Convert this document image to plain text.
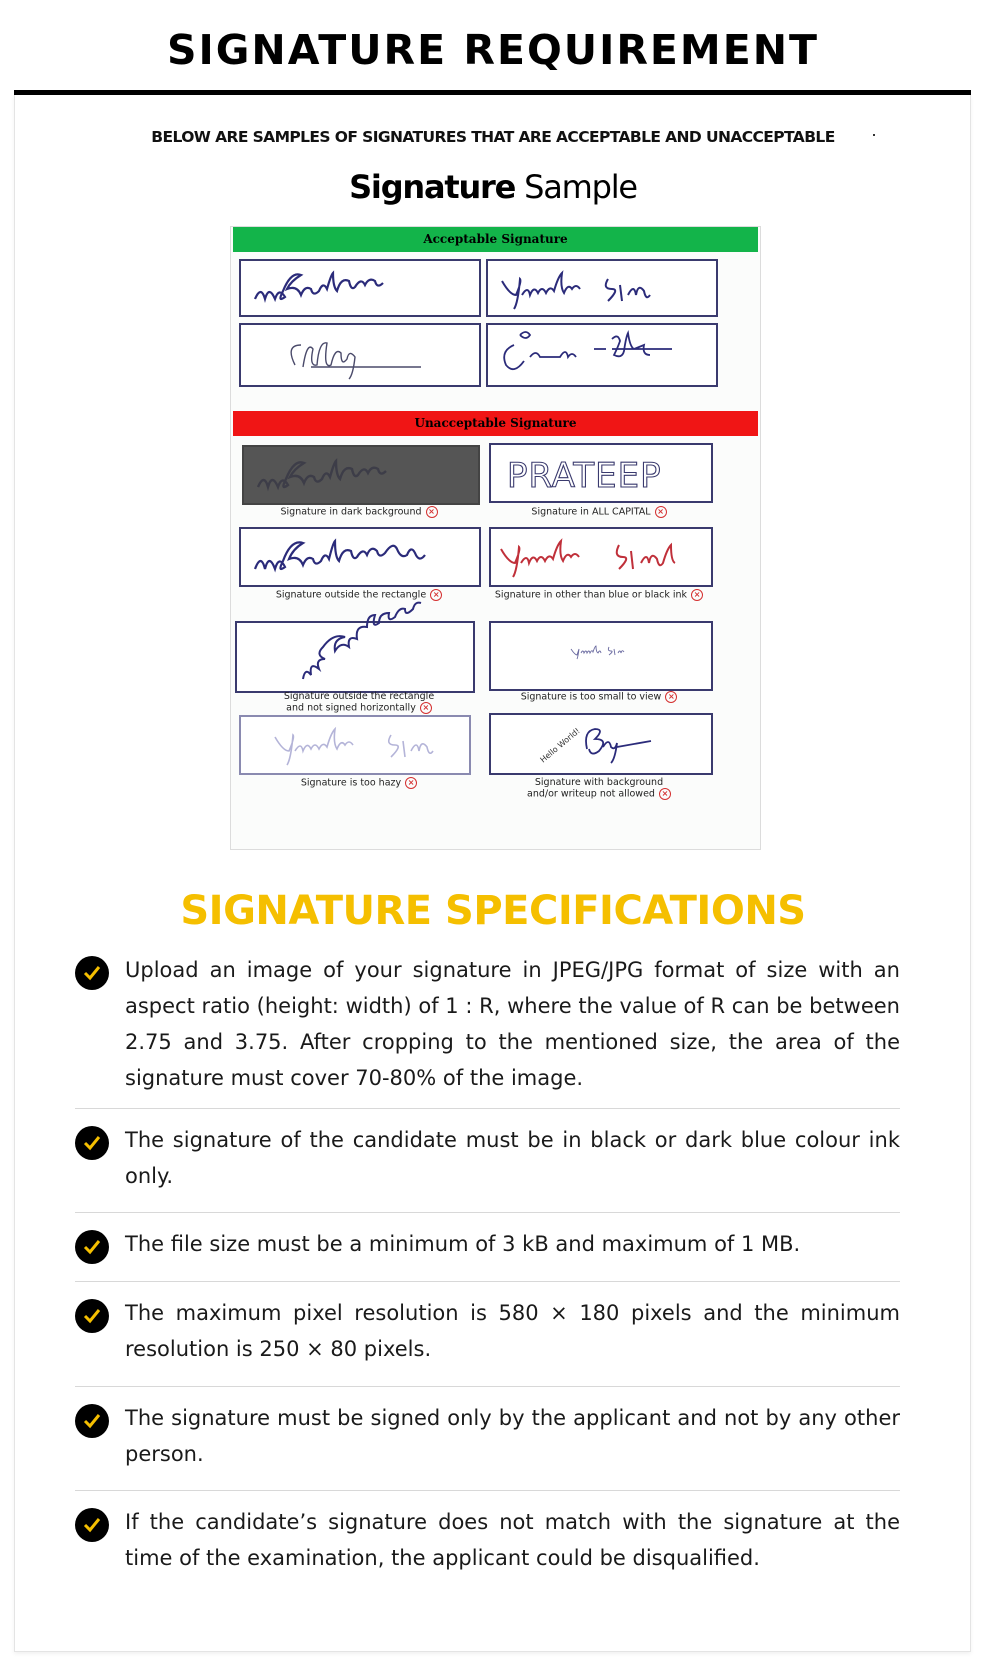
SIGNATURE REQUIREMENT
BELOW ARE SAMPLES OF SIGNATURES THAT ARE ACCEPTABLE AND UNACCEPTABLE
Signature Sample
Acceptable Signature
Unacceptable Signature
Signature in dark background ×
PRATEEP
Signature in ALL CAPITAL ×
Signature outside the rectangle ×	Signature in other than blue or black ink ×
Signature outside the rectangle
and not signed horizontally ×
Signature is too small to view ×
Signature is too hazy ×
Hello World!
Signature with background
and/or writeup not allowed ×
SIGNATURE SPECIFICATIONS
Upload an image of your signature in JPEG/JPG format of size with an aspect ratio (height: width) of 1 : R, where the value of R can be between 2.75 and 3.75. After cropping to the mentioned size, the area of the signature must cover 70-80% of the image.
The signature of the candidate must be in black or dark blue colour ink only.
The file size must be a minimum of 3 kB and maximum of 1 MB.
The maximum pixel resolution is 580 × 180 pixels and the minimum resolution is 250 × 80 pixels.
The signature must be signed only by the applicant and not by any other person.
If the candidate’s signature does not match with the signature at the time of the examination, the applicant could be disqualified.
